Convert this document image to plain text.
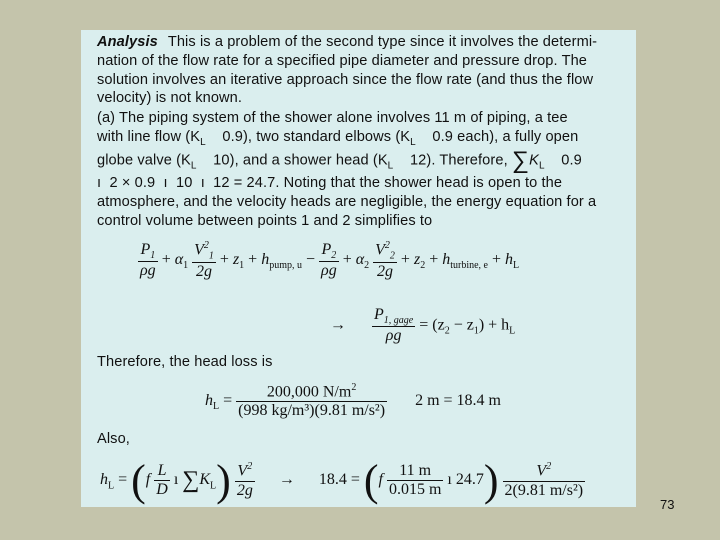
Analysis This is a problem of the second type since it involves the determi-
nation of the flow rate for a specified pipe diameter and pressure drop. The
solution involves an iterative approach since the flow rate (and thus the flow
velocity) is not known.
(a) The piping system of the shower alone involves 11 m of piping, a tee
with line flow ($K_L$    0.9), two standard elbows ($K_L$    0.9 each), a fully open
globe valve ($K_L$    10), and a shower head ($K_L$    12). Therefore, $\sum K_L$    0.9
ı  2 × 0.9  ı  10  ı  12 = 24.7. Noting that the shower head is open to the
atmosphere, and the velocity heads are negligible, the energy equation for a
control volume between points 1 and 2 simplifies to
$\frac{P_1}{\rho g} + \alpha_1 \frac{V^2_1}{2g} + z_1 + h_{pump, u} - \frac{P_2}{\rho g} + \alpha_2 \frac{V^2_2}{2g} + z_2 + h_{turbine, e} + h_L$
→ $\frac{P_{1, gage}}{\rho g} = (z_2 - z_1) + h_L$
Therefore, the head loss is
$h_L = \frac{200,000 N/m^2}{\text{(998 kg/m³)(9.81 m/s²)}} 2$ m = 18.4 m
Also,
$h_L = (f \frac{L}{D}$ ı $\sum K_L) \frac{V^2}{2g} \to 18.4 = (f \frac{11 m}{0.015 m}$ ı $24.7) \frac{V^2}{\text{2(9.81 m/s²)}}$
73
